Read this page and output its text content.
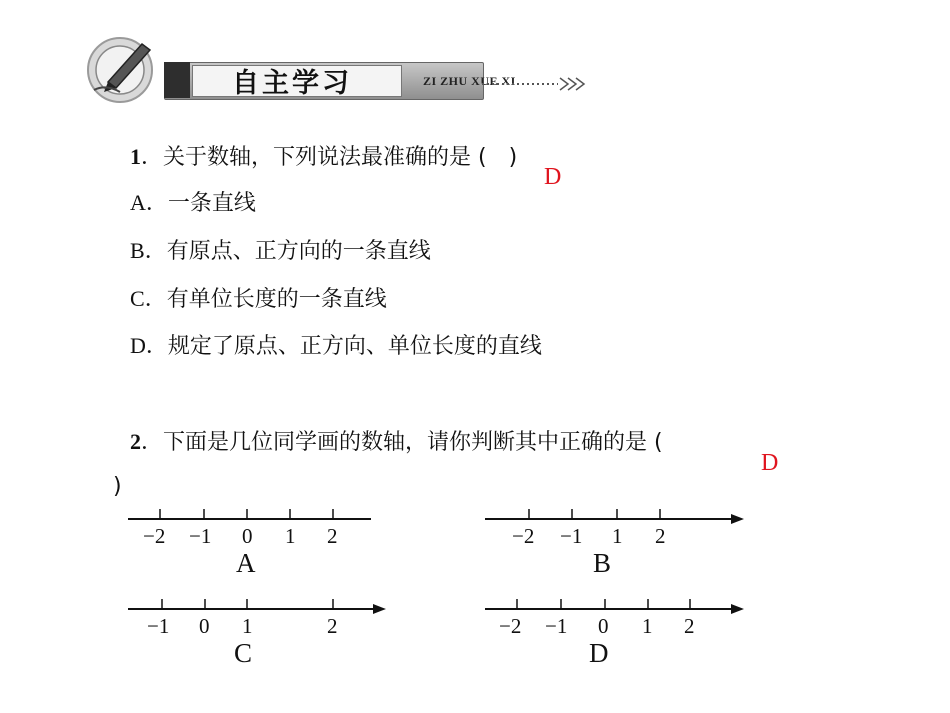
自主学习	ZI ZHU XUE XI
1．关于数轴，下列说法最准确的是 (　)
D
A．一条直线
B．有原点、正方向的一条直线
C．有单位长度的一条直线
D．规定了原点、正方向、单位长度的直线
2．下面是几位同学画的数轴，请你判断其中正确的是 (
D
)
−2 −1 0 1 2
A
−2 −1 1 2
B
−1 0 1	2
C
−2 −1 0 1 2
D
